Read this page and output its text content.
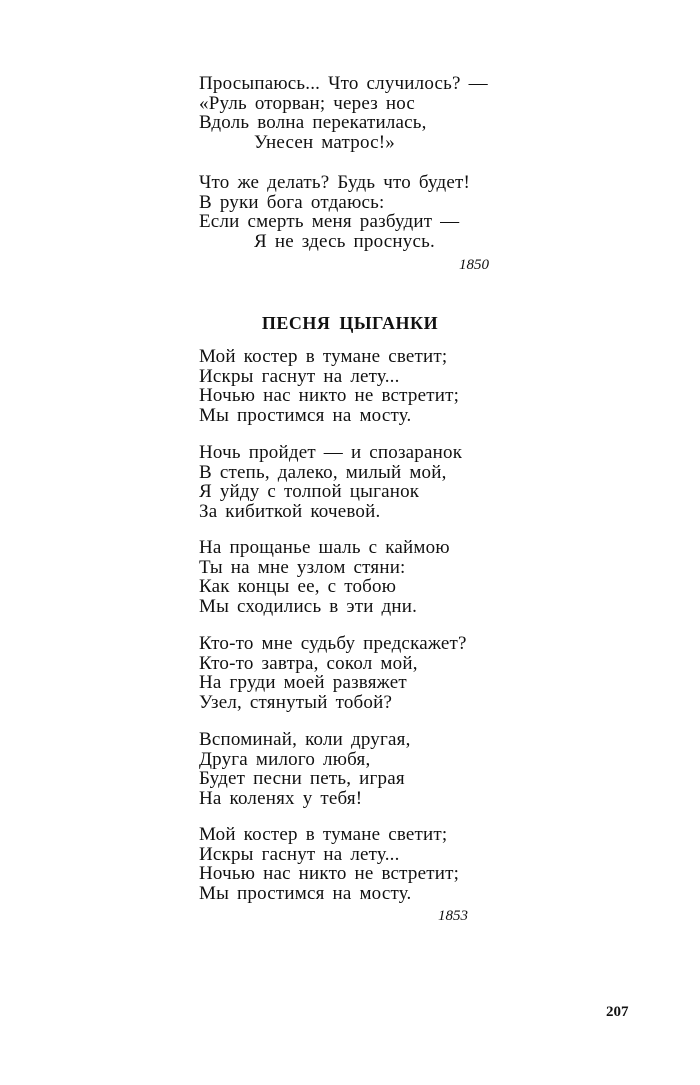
Просыпаюсь... Что случилось? —
«Руль оторван; через нос
Вдоль волна перекатилась,
Унесен матрос!»
Что же делать? Будь что будет!
В руки бога отдаюсь:
Если смерть меня разбудит —
Я не здесь проснусь.
1850
ПЕСНЯ ЦЫГАНКИ
Мой костер в тумане светит;
Искры гаснут на лету...
Ночью нас никто не встретит;
Мы простимся на мосту.
Ночь пройдет — и спозаранок
В степь, далеко, милый мой,
Я уйду с толпой цыганок
За кибиткой кочевой.
На прощанье шаль с каймою
Ты на мне узлом стяни:
Как концы ее, с тобою
Мы сходились в эти дни.
Кто-то мне судьбу предскажет?
Кто-то завтра, сокол мой,
На груди моей развяжет
Узел, стянутый тобой?
Вспоминай, коли другая,
Друга милого любя,
Будет песни петь, играя
На коленях у тебя!
Мой костер в тумане светит;
Искры гаснут на лету...
Ночью нас никто не встретит;
Мы простимся на мосту.
1853
207
